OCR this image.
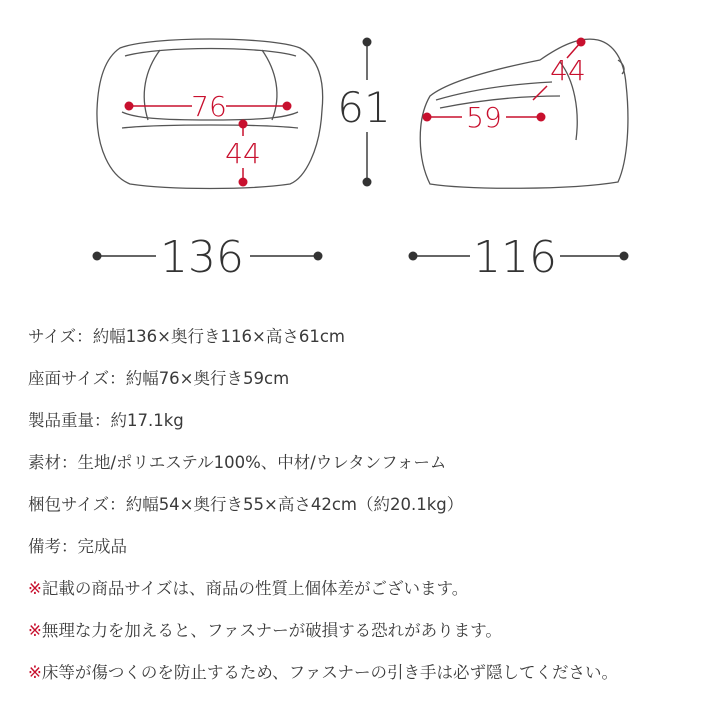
76
44
61
44
59
136	116

サイズ：約幅136×奥行き116×高さ61cm

座面サイズ：約幅76×奥行き59cm

製品重量：約17.1kg

素材：生地/ポリエステル100%、中材/ウレタンフォーム

梱包サイズ：約幅54×奥行き55×高さ42cm（約20.1kg）

備考：完成品

※記載の商品サイズは、商品の性質上個体差がございます。

※無理な力を加えると、ファスナーが破損する恐れがあります。

※床等が傷つくのを防止するため、ファスナーの引き手は必ず隠してください。
